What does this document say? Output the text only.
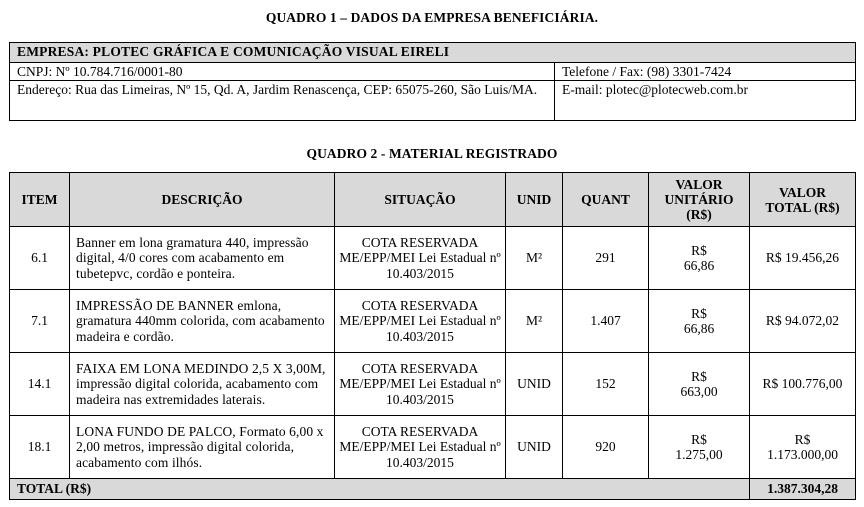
QUADRO 1 – DADOS DA EMPRESA BENEFICIÁRIA.
EMPRESA: PLOTEC GRÁFICA E COMUNICAÇÃO VISUAL EIRELI	
CNPJ: Nº 10.784.716/0001-80	Telefone / Fax: (98) 3301-7424
Endereço: Rua das Limeiras, Nº 15, Qd. A, Jardim Renascença, CEP: 65075-260, São Luis/MA.	E-mail: plotec@plotecweb.com.br
QUADRO 2 - MATERIAL REGISTRADO
ITEM	DESCRIÇÃO	SITUAÇÃO	UNID	QUANT	VALOR UNITÁRIO (R$)	VALOR TOTAL (R$)
6.1	Banner em lona gramatura 440, impressão digital, 4/0 cores com acabamento em tubetepvc, cordão e ponteira.	COTA RESERVADA ME/EPP/MEI Lei Estadual nº 10.403/2015	M²	291	R$ 66,86	R$ 19.456,26
7.1	IMPRESSÃO DE BANNER emlona, gramatura 440mm colorida, com acabamento madeira e cordão.	COTA RESERVADA ME/EPP/MEI Lei Estadual nº 10.403/2015	M²	1.407	R$ 66,86	R$ 94.072,02
14.1	FAIXA EM LONA MEDINDO 2,5 X 3,00M, impressão digital colorida, acabamento com madeira nas extremidades laterais.	COTA RESERVADA ME/EPP/MEI Lei Estadual nº 10.403/2015	UNID	152	R$ 663,00	R$ 100.776,00
18.1	LONA FUNDO DE PALCO, Formato 6,00 x 2,00 metros, impressão digital colorida, acabamento com ilhós.	COTA RESERVADA ME/EPP/MEI Lei Estadual nº 10.403/2015	UNID	920	R$ 1.275,00	R$ 1.173.000,00
TOTAL (R$)						1.387.304,28
